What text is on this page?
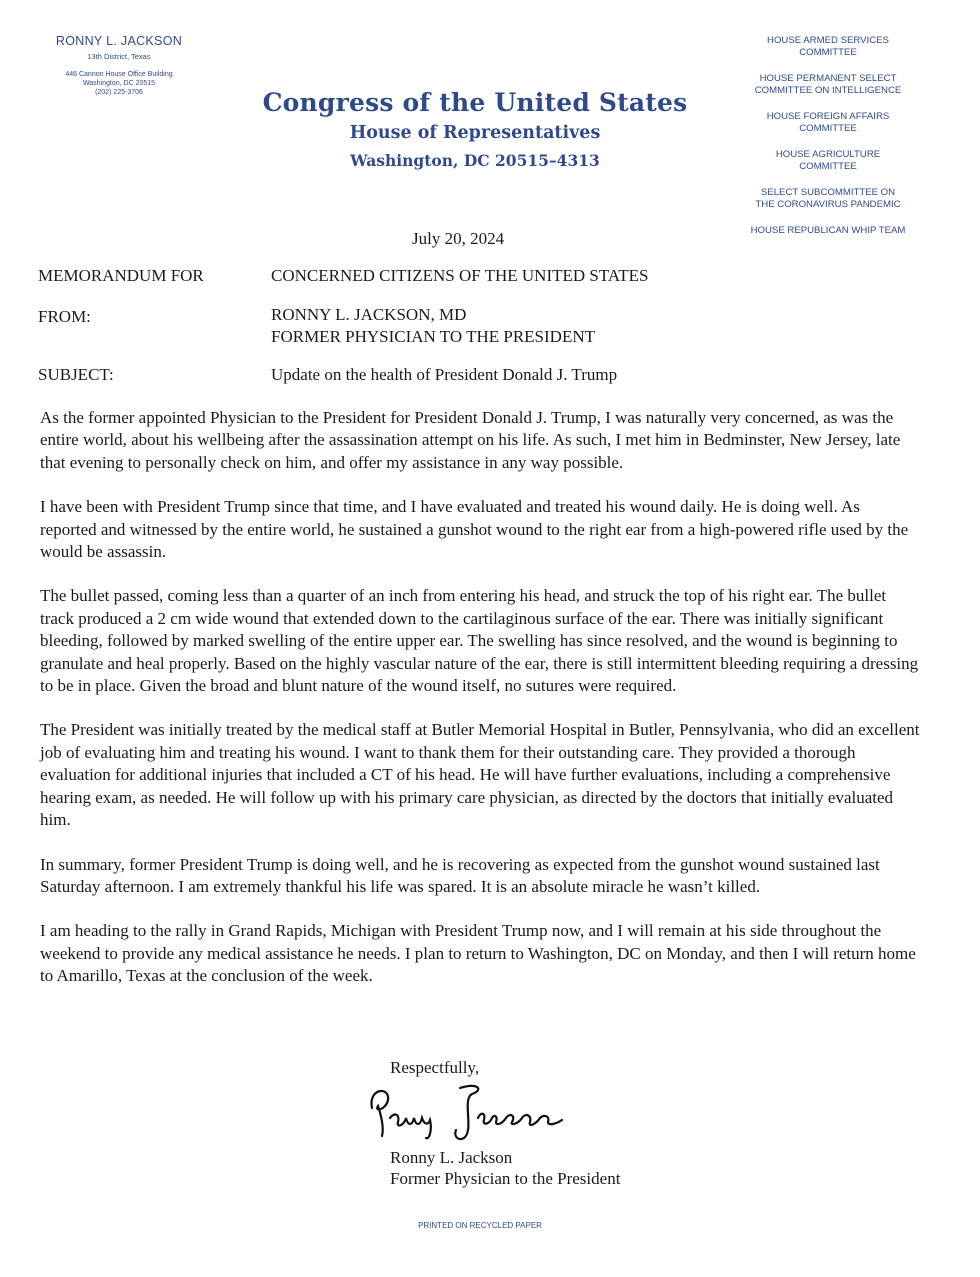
RONNY L. JACKSON
13th District, Texas
446 Cannon House Office Building
Washington, DC 20515
(202) 225-3706	Congress of the United States
House of Representatives
Washington, DC 20515–4313
HOUSE ARMED SERVICES
COMMITTEE
HOUSE PERMANENT SELECT
COMMITTEE ON INTELLIGENCE
HOUSE FOREIGN AFFAIRS
COMMITTEE
HOUSE AGRICULTURE
COMMITTEE
SELECT SUBCOMMITTEE ON
THE CORONAVIRUS PANDEMIC
HOUSE REPUBLICAN WHIP TEAM
July 20, 2024
MEMORANDUM FOR	CONCERNED CITIZENS OF THE UNITED STATES
FROM:	RONNY L. JACKSON, MD
FORMER PHYSICIAN TO THE PRESIDENT
SUBJECT:	Update on the health of President Donald J. Trump

As the former appointed Physician to the President for President Donald J. Trump, I was naturally very concerned, as was the entire world, about his wellbeing after the assassination attempt on his life. As such, I met him in Bedminster, New Jersey, late that evening to personally check on him, and offer my assistance in any way possible.

I have been with President Trump since that time, and I have evaluated and treated his wound daily. He is doing well. As reported and witnessed by the entire world, he sustained a gunshot wound to the right ear from a high-powered rifle used by the would be assassin.

The bullet passed, coming less than a quarter of an inch from entering his head, and struck the top of his right ear. The bullet track produced a 2 cm wide wound that extended down to the cartilaginous surface of the ear. There was initially significant bleeding, followed by marked swelling of the entire upper ear. The swelling has since resolved, and the wound is beginning to granulate and heal properly. Based on the highly vascular nature of the ear, there is still intermittent bleeding requiring a dressing to be in place. Given the broad and blunt nature of the wound itself, no sutures were required.

The President was initially treated by the medical staff at Butler Memorial Hospital in Butler, Pennsylvania, who did an excellent job of evaluating him and treating his wound. I want to thank them for their outstanding care. They provided a thorough evaluation for additional injuries that included a CT of his head. He will have further evaluations, including a comprehensive hearing exam, as needed. He will follow up with his primary care physician, as directed by the doctors that initially evaluated him.

In summary, former President Trump is doing well, and he is recovering as expected from the gunshot wound sustained last Saturday afternoon. I am extremely thankful his life was spared. It is an absolute miracle he wasn’t killed.

I am heading to the rally in Grand Rapids, Michigan with President Trump now, and I will remain at his side throughout the weekend to provide any medical assistance he needs. I plan to return to Washington, DC on Monday, and then I will return home to Amarillo, Texas at the conclusion of the week.

Respectfully,
Ronny L. Jackson
Former Physician to the President
PRINTED ON RECYCLED PAPER
